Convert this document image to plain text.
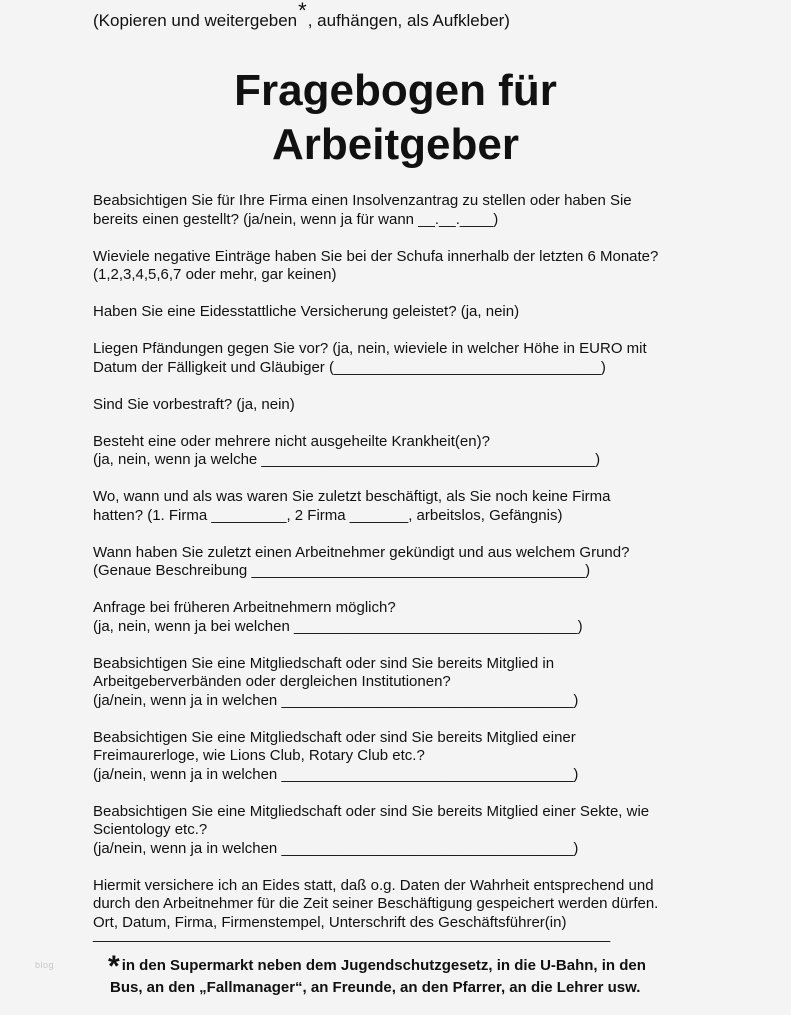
(Kopieren und weitergeben*, aufhängen, als Aufkleber)
Fragebogen für
Arbeitgeber
Beabsichtigen Sie für Ihre Firma einen Insolvenzantrag zu stellen oder haben Sie
bereits einen gestellt? (ja/nein, wenn ja für wann __.__.____)
Wieviele negative Einträge haben Sie bei der Schufa innerhalb der letzten 6 Monate?
(1,2,3,4,5,6,7 oder mehr, gar keinen)
Haben Sie eine Eidesstattliche Versicherung geleistet? (ja, nein)
Liegen Pfändungen gegen Sie vor? (ja, nein, wieviele in welcher Höhe in EURO mit
Datum der Fälligkeit und Gläubiger (________________________________)
Sind Sie vorbestraft? (ja, nein)
Besteht eine oder mehrere nicht ausgeheilte Krankheit(en)?
(ja, nein, wenn ja welche ________________________________________)
Wo, wann und als was waren Sie zuletzt beschäftigt, als Sie noch keine Firma
hatten? (1. Firma _________, 2 Firma _______, arbeitslos, Gefängnis)
Wann haben Sie zuletzt einen Arbeitnehmer gekündigt und aus welchem Grund?
(Genaue Beschreibung ________________________________________)
Anfrage bei früheren Arbeitnehmern möglich?
(ja, nein, wenn ja bei welchen __________________________________)
Beabsichtigen Sie eine Mitgliedschaft oder sind Sie bereits Mitglied in
Arbeitgeberverbänden oder dergleichen Institutionen?
(ja/nein, wenn ja in welchen ___________________________________)
Beabsichtigen Sie eine Mitgliedschaft oder sind Sie bereits Mitglied einer
Freimaurerloge, wie Lions Club, Rotary Club etc.?
(ja/nein, wenn ja in welchen ___________________________________)
Beabsichtigen Sie eine Mitgliedschaft oder sind Sie bereits Mitglied einer Sekte, wie
Scientology etc.?
(ja/nein, wenn ja in welchen ___________________________________)
Hiermit versichere ich an Eides statt, daß o.g. Daten der Wahrheit entsprechend und
durch den Arbeitnehmer für die Zeit seiner Beschäftigung gespeichert werden dürfen.
Ort, Datum, Firma, Firmenstempel, Unterschrift des Geschäftsführer(in)
______________________________________________________________
blog * in den Supermarkt neben dem Jugendschutzgesetz, in die U-Bahn, in den
Bus, an den „Fallmanager“, an Freunde, an den Pfarrer, an die Lehrer usw.
